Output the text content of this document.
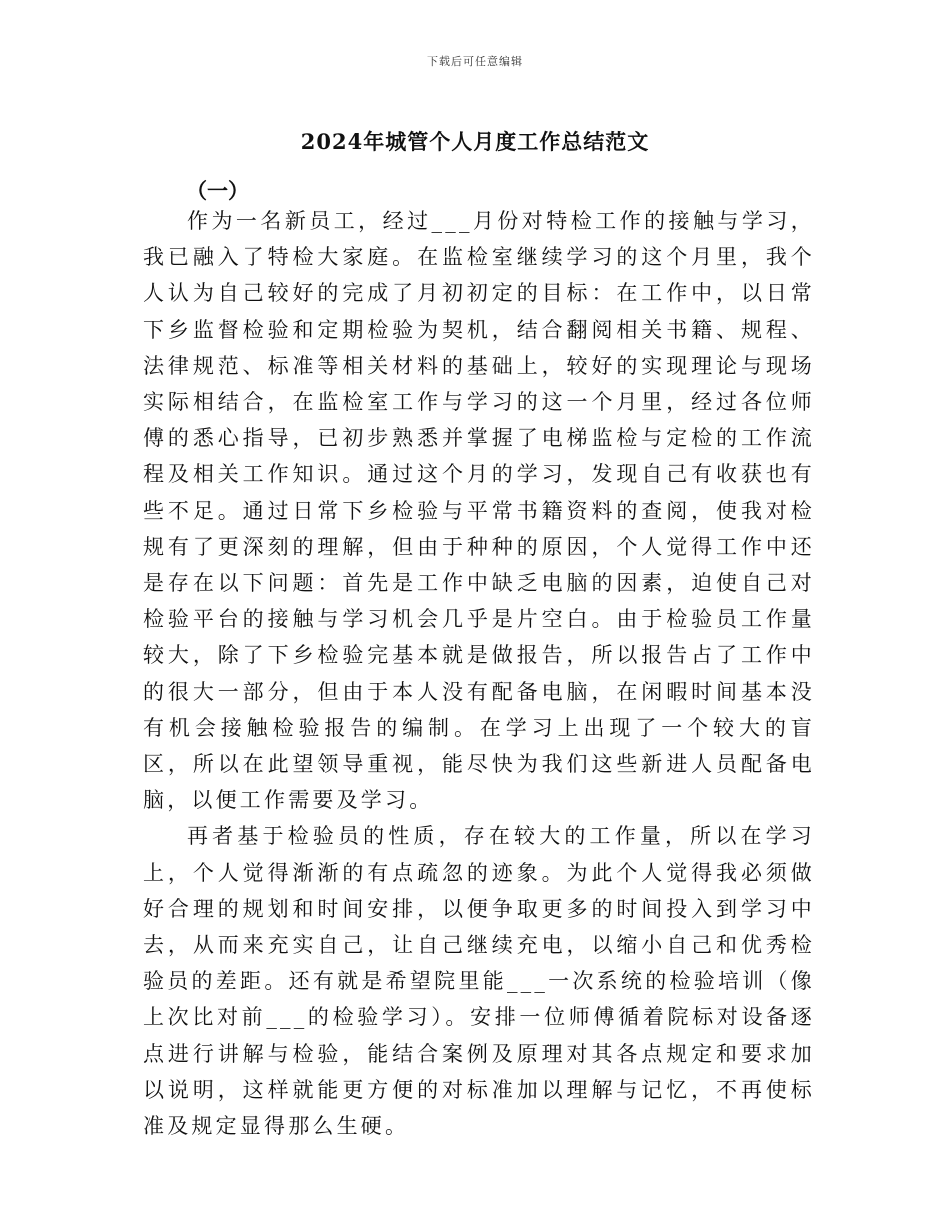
下载后可任意编辑
2024年城管个人月度工作总结范文
（一）

作为一名新员工，经过___月份对特检工作的接触与学习，我已融入了特检大家庭。在监检室继续学习的这个月里，我个人认为自己较好的完成了月初初定的目标：在工作中，以日常下乡监督检验和定期检验为契机，结合翻阅相关书籍、规程、法律规范、标准等相关材料的基础上，较好的实现理论与现场实际相结合，在监检室工作与学习的这一个月里，经过各位师傅的悉心指导，已初步熟悉并掌握了电梯监检与定检的工作流程及相关工作知识。通过这个月的学习，发现自己有收获也有些不足。通过日常下乡检验与平常书籍资料的查阅，使我对检规有了更深刻的理解，但由于种种的原因，个人觉得工作中还是存在以下问题：首先是工作中缺乏电脑的因素，迫使自己对检验平台的接触与学习机会几乎是片空白。由于检验员工作量较大，除了下乡检验完基本就是做报告，所以报告占了工作中的很大一部分，但由于本人没有配备电脑，在闲暇时间基本没有机会接触检验报告的编制。在学习上出现了一个较大的盲区，所以在此望领导重视，能尽快为我们这些新进人员配备电脑，以便工作需要及学习。

再者基于检验员的性质，存在较大的工作量，所以在学习上，个人觉得渐渐的有点疏忽的迹象。为此个人觉得我必须做好合理的规划和时间安排，以便争取更多的时间投入到学习中去，从而来充实自己，让自己继续充电，以缩小自己和优秀检验员的差距。还有就是希望院里能___一次系统的检验培训（像上次比对前___的检验学习）。安排一位师傅循着院标对设备逐点进行讲解与检验，能结合案例及原理对其各点规定和要求加以说明，这样就能更方便的对标准加以理解与记忆，不再使标准及规定显得那么生硬。
